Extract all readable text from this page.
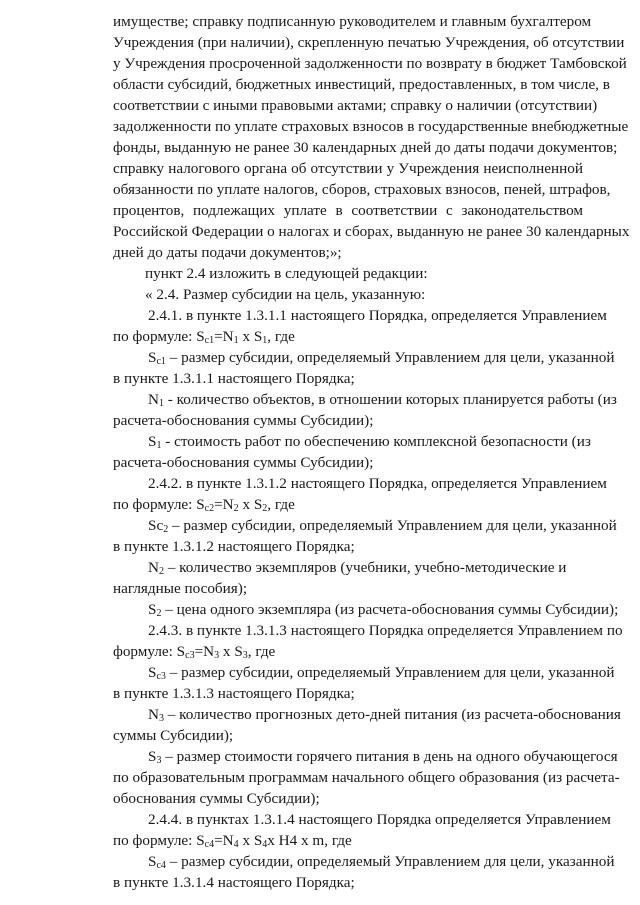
имуществе; справку подписанную руководителем и главным бухгалтером

Учреждения (при наличии), скрепленную печатью Учреждения, об отсутствии

у Учреждения просроченной задолженности по возврату в бюджет Тамбовской

области субсидий, бюджетных инвестиций, предоставленных, в том числе, в

соответствии с иными правовыми актами; справку о наличии (отсутствии)

задолженности по уплате страховых взносов в государственные внебюджетные

фонды, выданную не ранее 30 календарных дней до даты подачи документов;

справку налогового органа об отсутствии у Учреждения неисполненной

обязанности по уплате налогов, сборов, страховых взносов, пеней, штрафов,

процентов, подлежащих уплате в соответствии с законодательством

Российской Федерации о налогах и сборах, выданную не ранее 30 календарных

дней до даты подачи документов;»;

пункт 2.4 изложить в следующей редакции:

« 2.4. Размер субсидии на цель, указанную:

2.4.1. в пункте 1.3.1.1 настоящего Порядка, определяется Управлением

по формуле: $S_{c1}=N_1$ x $S_1$, где

$S_{c1}$ – размер субсидии, определяемый Управлением для цели, указанной

в пункте 1.3.1.1 настоящего Порядка;

$N_1$ - количество объектов, в отношении которых планируется работы (из

расчета-обоснования суммы Субсидии);

$S_1$ - стоимость работ по обеспечению комплексной безопасности (из

расчета-обоснования суммы Субсидии);

2.4.2. в пункте 1.3.1.2 настоящего Порядка, определяется Управлением

по формуле: $S_{c2}=N_2$ x $S_2$, где

$Sc_2$ – размер субсидии, определяемый Управлением для цели, указанной

в пункте 1.3.1.2 настоящего Порядка;

$N_2$ – количество экземпляров (учебники, учебно-методические и

наглядные пособия);

$S_2$ – цена одного экземпляра (из расчета-обоснования суммы Субсидии);

2.4.3. в пункте 1.3.1.3 настоящего Порядка определяется Управлением по

формуле: $S_{c3}=N_3$ x $S_3$, где

$S_{c3}$ – размер субсидии, определяемый Управлением для цели, указанной

в пункте 1.3.1.3 настоящего Порядка;

$N_3$ – количество прогнозных дето-дней питания (из расчета-обоснования

суммы Субсидии);

$S_3$ – размер стоимости горячего питания в день на одного обучающегося

по образовательным программам начального общего образования (из расчета-

обоснования суммы Субсидии);

2.4.4. в пунктах 1.3.1.4 настоящего Порядка определяется Управлением

по формуле: $S_{c4}=N_4$ x $S_4x$ H4 x m, где

$S_{c4}$ – размер субсидии, определяемый Управлением для цели, указанной

в пункте 1.3.1.4 настоящего Порядка;
